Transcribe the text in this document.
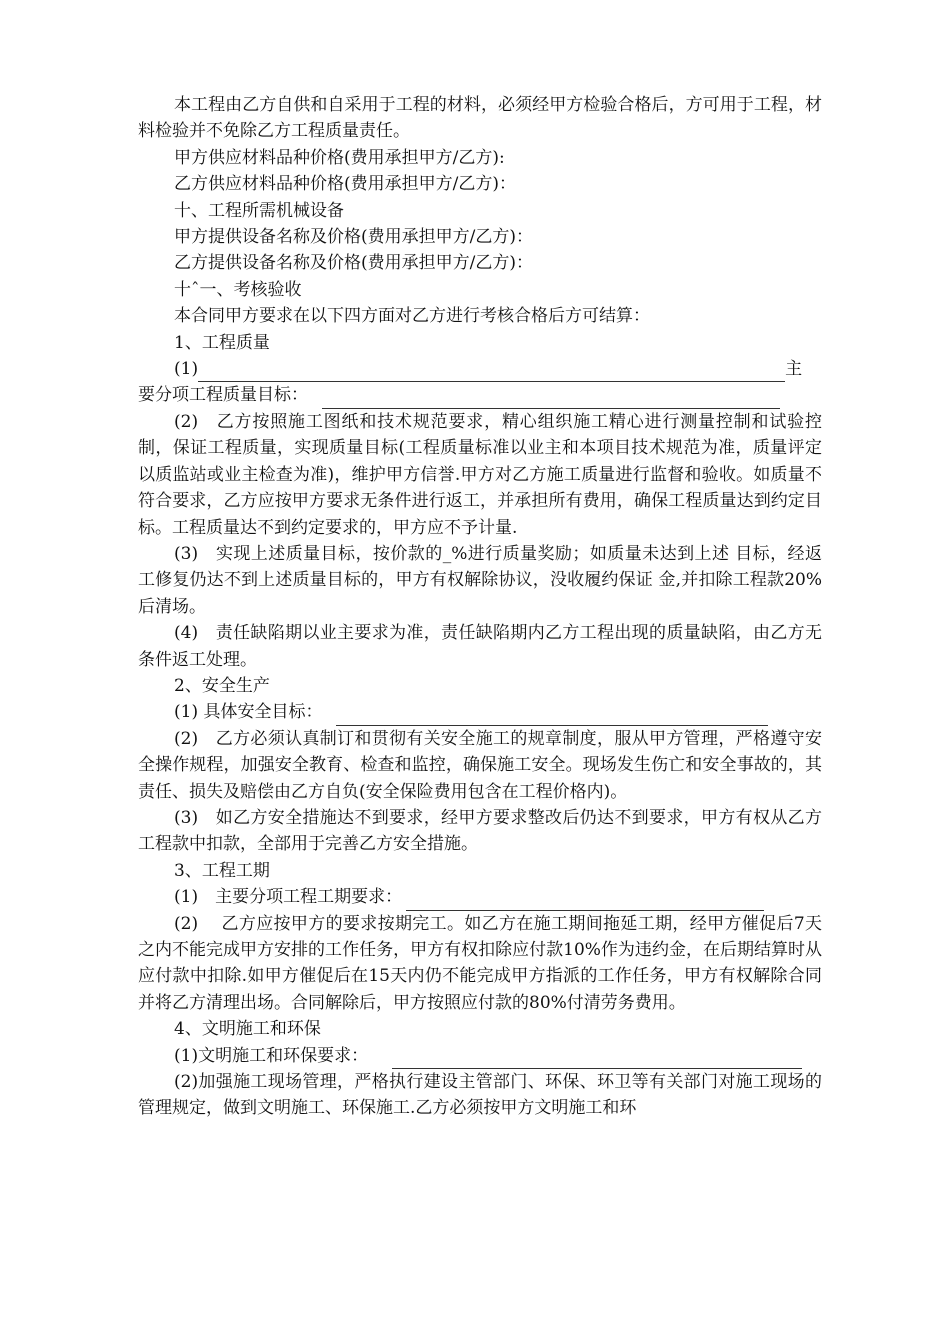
本工程由乙方自供和自采用于工程的材料，必须经甲方检验合格后，方可用于工程，材料检验并不免除乙方工程质量责任。

甲方供应材料品种价格(费用承担甲方/乙方):

乙方供应材料品种价格(费用承担甲方/乙方)：

十、工程所需机械设备

甲方提供设备名称及价格(费用承担甲方/乙方)：

乙方提供设备名称及价格(费用承担甲方/乙方)：

十ˆ一、考核验收

本合同甲方要求在以下四方面对乙方进行考核合格后方可结算：

1、工程质量

(1)	主
要分项工程质量目标：

(2)　乙方按照施工图纸和技术规范要求，精心组织施工精心进行测量控制和试验控制，保证工程质量，实现质量目标(工程质量标准以业主和本项目技术规范为准，质量评定以质监站或业主检查为准)，维护甲方信誉.甲方对乙方施工质量进行监督和验收。如质量不符合要求，乙方应按甲方要求无条件进行返工，并承担所有费用，确保工程质量达到约定目标。工程质量达不到约定要求的，甲方应不予计量.

(3)　实现上述质量目标，按价款的_%进行质量奖励；如质量未达到上述 目标，经返工修复仍达不到上述质量目标的，甲方有权解除协议，没收履约保证 金,并扣除工程款20%后清场。

(4)　责任缺陷期以业主要求为准，责任缺陷期内乙方工程出现的质量缺陷，由乙方无条件返工处理。

2、安全生产

(1) 具体安全目标：

(2)　乙方必须认真制订和贯彻有关安全施工的规章制度，服从甲方管理，严格遵守安全操作规程，加强安全教育、检查和监控，确保施工安全。现场发生伤亡和安全事故的，其责任、损失及赔偿由乙方自负(安全保险费用包含在工程价格内)。

(3)　如乙方安全措施达不到要求，经甲方要求整改后仍达不到要求，甲方有权从乙方工程款中扣款，全部用于完善乙方安全措施。

3、工程工期

(1)　主要分项工程工期要求：

(2)　 乙方应按甲方的要求按期完工。如乙方在施工期间拖延工期，经甲方催促后7天之内不能完成甲方安排的工作任务，甲方有权扣除应付款10%作为违约金，在后期结算时从应付款中扣除.如甲方催促后在15天内仍不能完成甲方指派的工作任务，甲方有权解除合同并将乙方清理出场。合同解除后，甲方按照应付款的80%付清劳务费用。

4、文明施工和环保

(1)文明施工和环保要求：

(2)加强施工现场管理，严格执行建设主管部门、环保、环卫等有关部门对施工现场的管理规定，做到文明施工、环保施工.乙方必须按甲方文明施工和环
